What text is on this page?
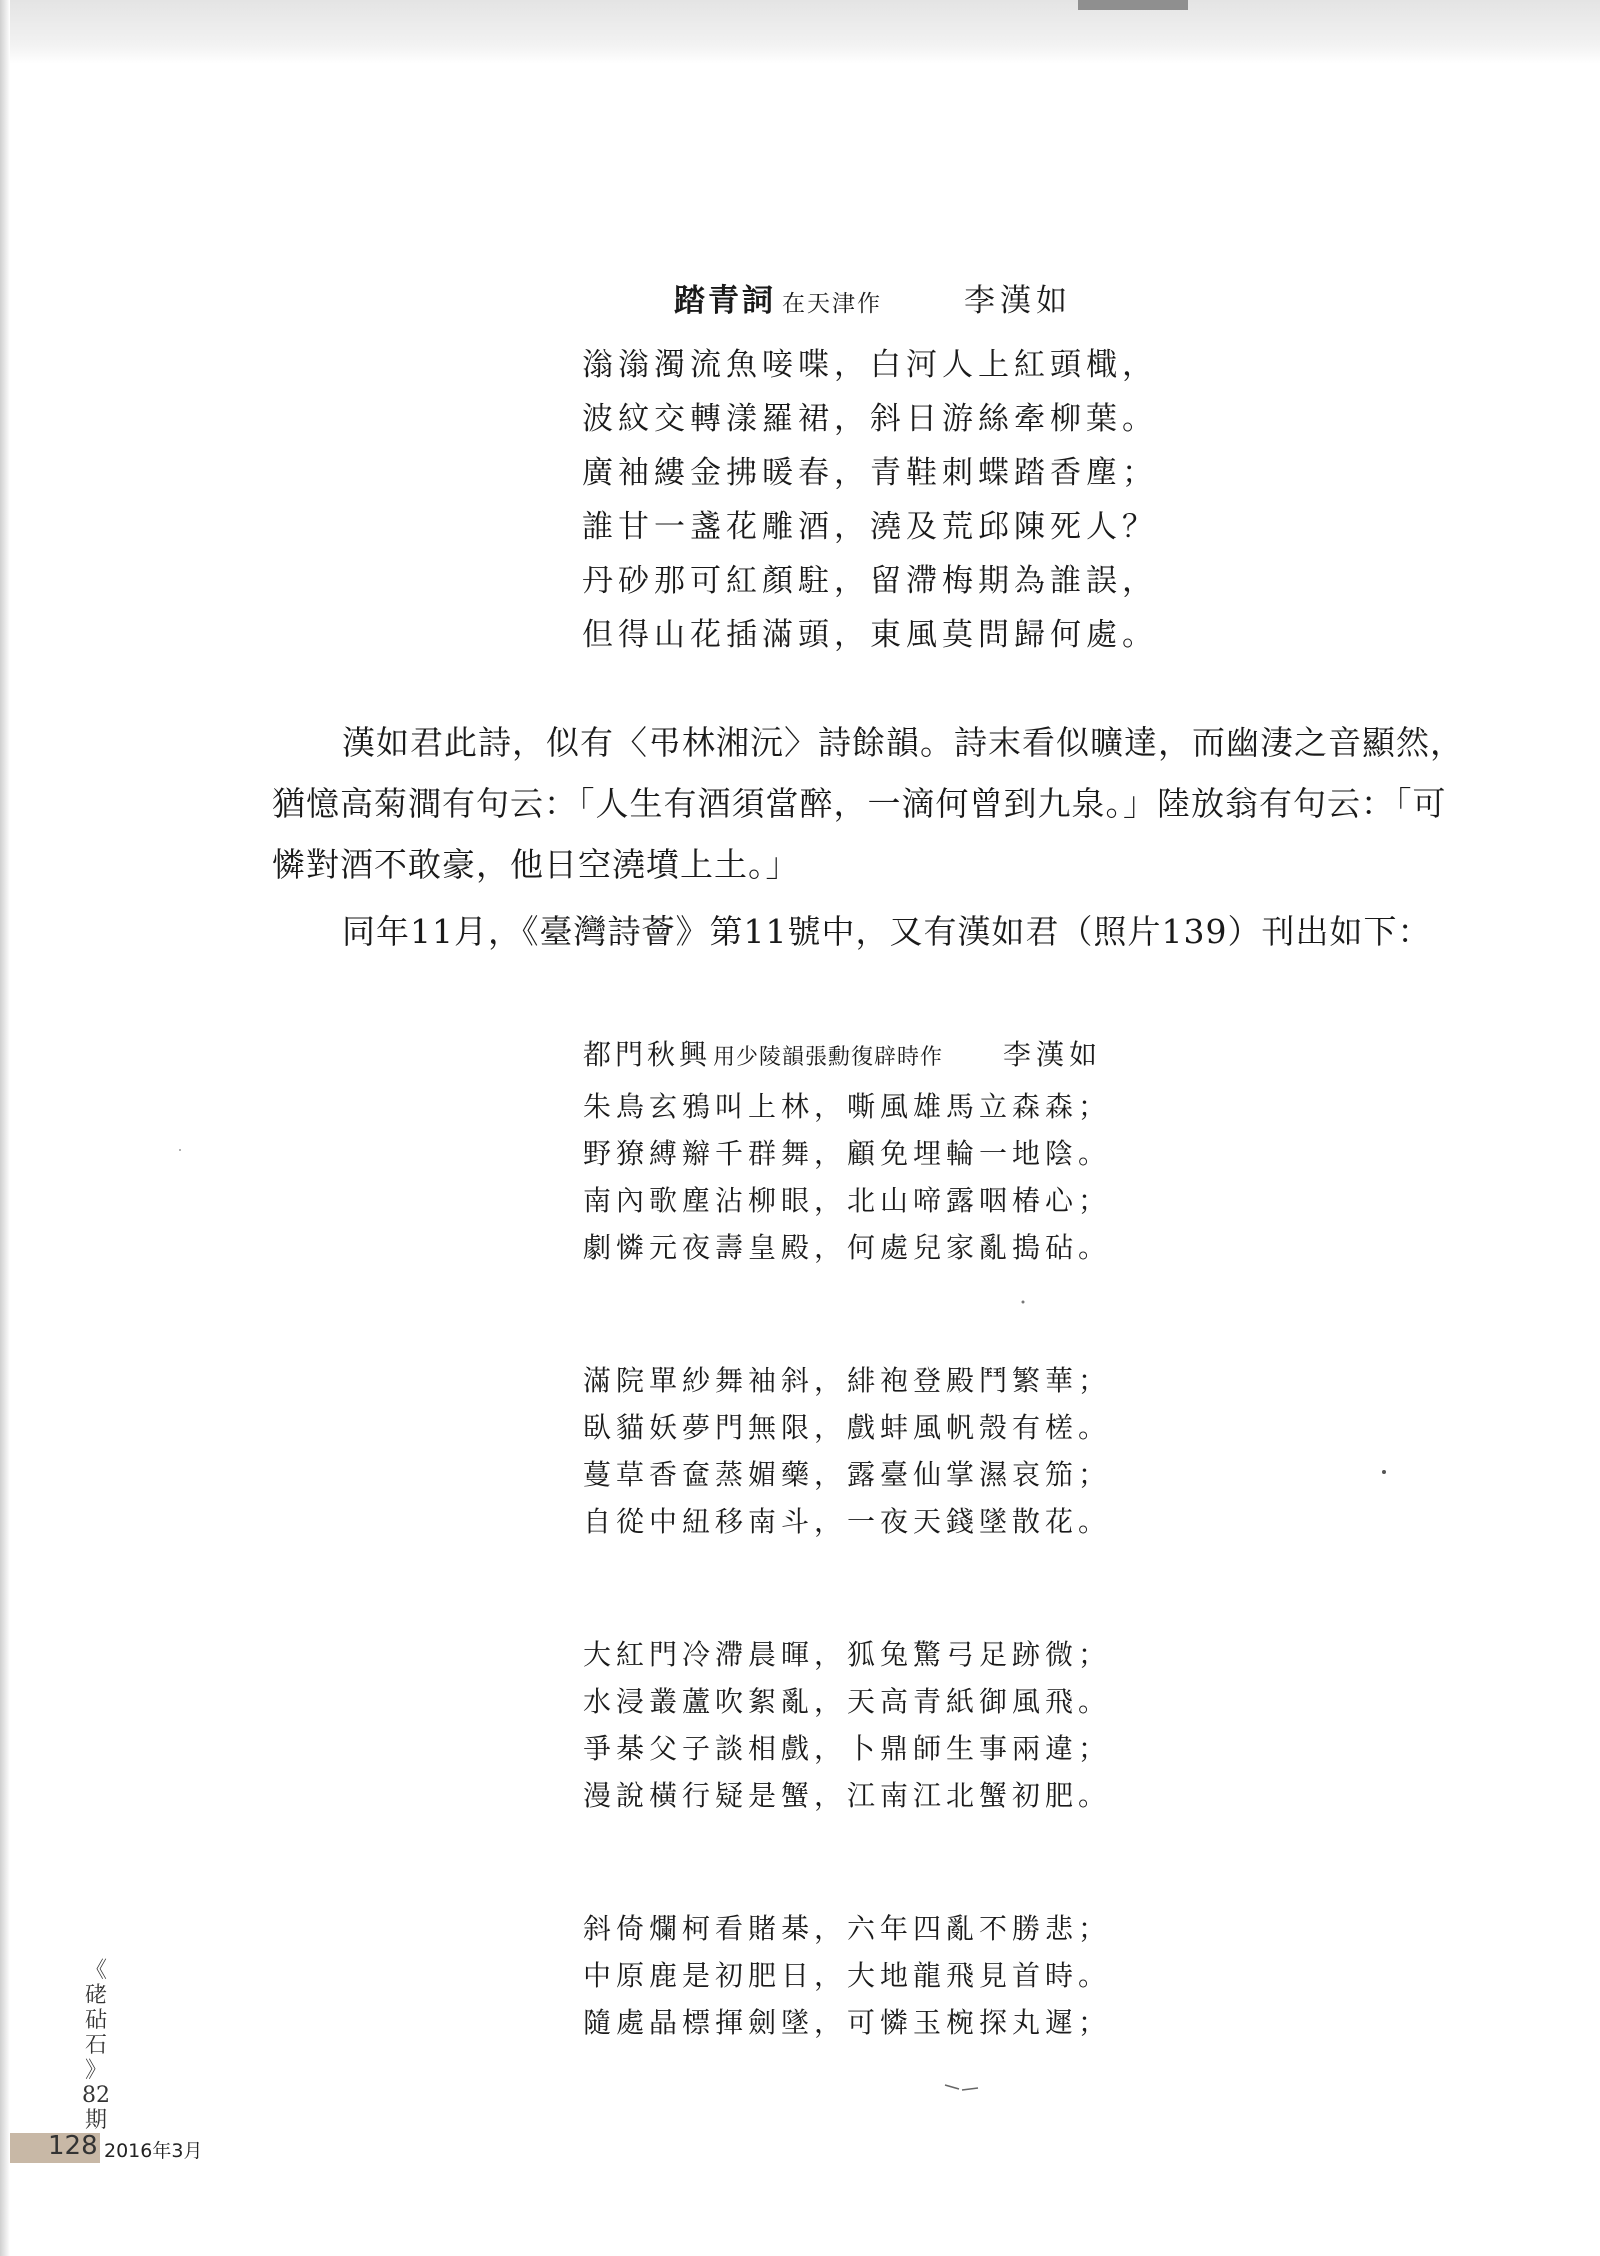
踏青詞 在天津作	李漢如
滃滃濁流魚唼喋，白河人上紅頭檝，
波紋交轉漾羅裙，斜日游絲牽柳葉。
廣袖縷金拂暖春，青鞋刺蝶踏香塵；
誰甘一盞花雕酒，澆及荒邱陳死人？
丹砂那可紅顏駐，留滯梅期為誰誤，
但得山花插滿頭，東風莫問歸何處。

漢如君此詩，似有〈弔林湘沅〉詩餘韻。詩末看似曠達，而幽淒之音顯然，猶憶高菊澗有句云：「人生有酒須當醉，一滴何曾到九泉。」陸放翁有句云：「可憐對酒不敢豪，他日空澆墳上土。」

同年11月，《臺灣詩薈》第11號中，又有漢如君（照片139）刊出如下：

都門秋興 用少陵韻張勳復辟時作 李漢如
朱鳥玄鴉叫上林，嘶風雄馬立森森；
野獠縛辮千群舞，顧免埋輪一地陰。
南內歌塵沾柳眼，北山啼露咽椿心；
劇憐元夜壽皇殿，何處兒家亂搗砧。
滿院單紗舞袖斜，緋袍登殿鬥繁華；
臥貓妖夢門無限，戲蚌風帆殼有槎。
蔓草香奩蒸媚藥，露臺仙掌濕哀笳；
自從中紐移南斗，一夜天錢墜散花。
大紅門冷滯晨暉，狐兔驚弓足跡微；
水浸叢蘆吹絮亂，天高青紙御風飛。
爭棊父子談相戲，卜鼎師生事兩違；
漫說橫行疑是蟹，江南江北蟹初肥。
斜倚爛柯看賭棊，六年四亂不勝悲；
中原鹿是初肥日，大地龍飛見首時。
隨處晶標揮劍墜，可憐玉椀探丸遲；
《
硓
砧
石
》
82
期
128 2016年3月
